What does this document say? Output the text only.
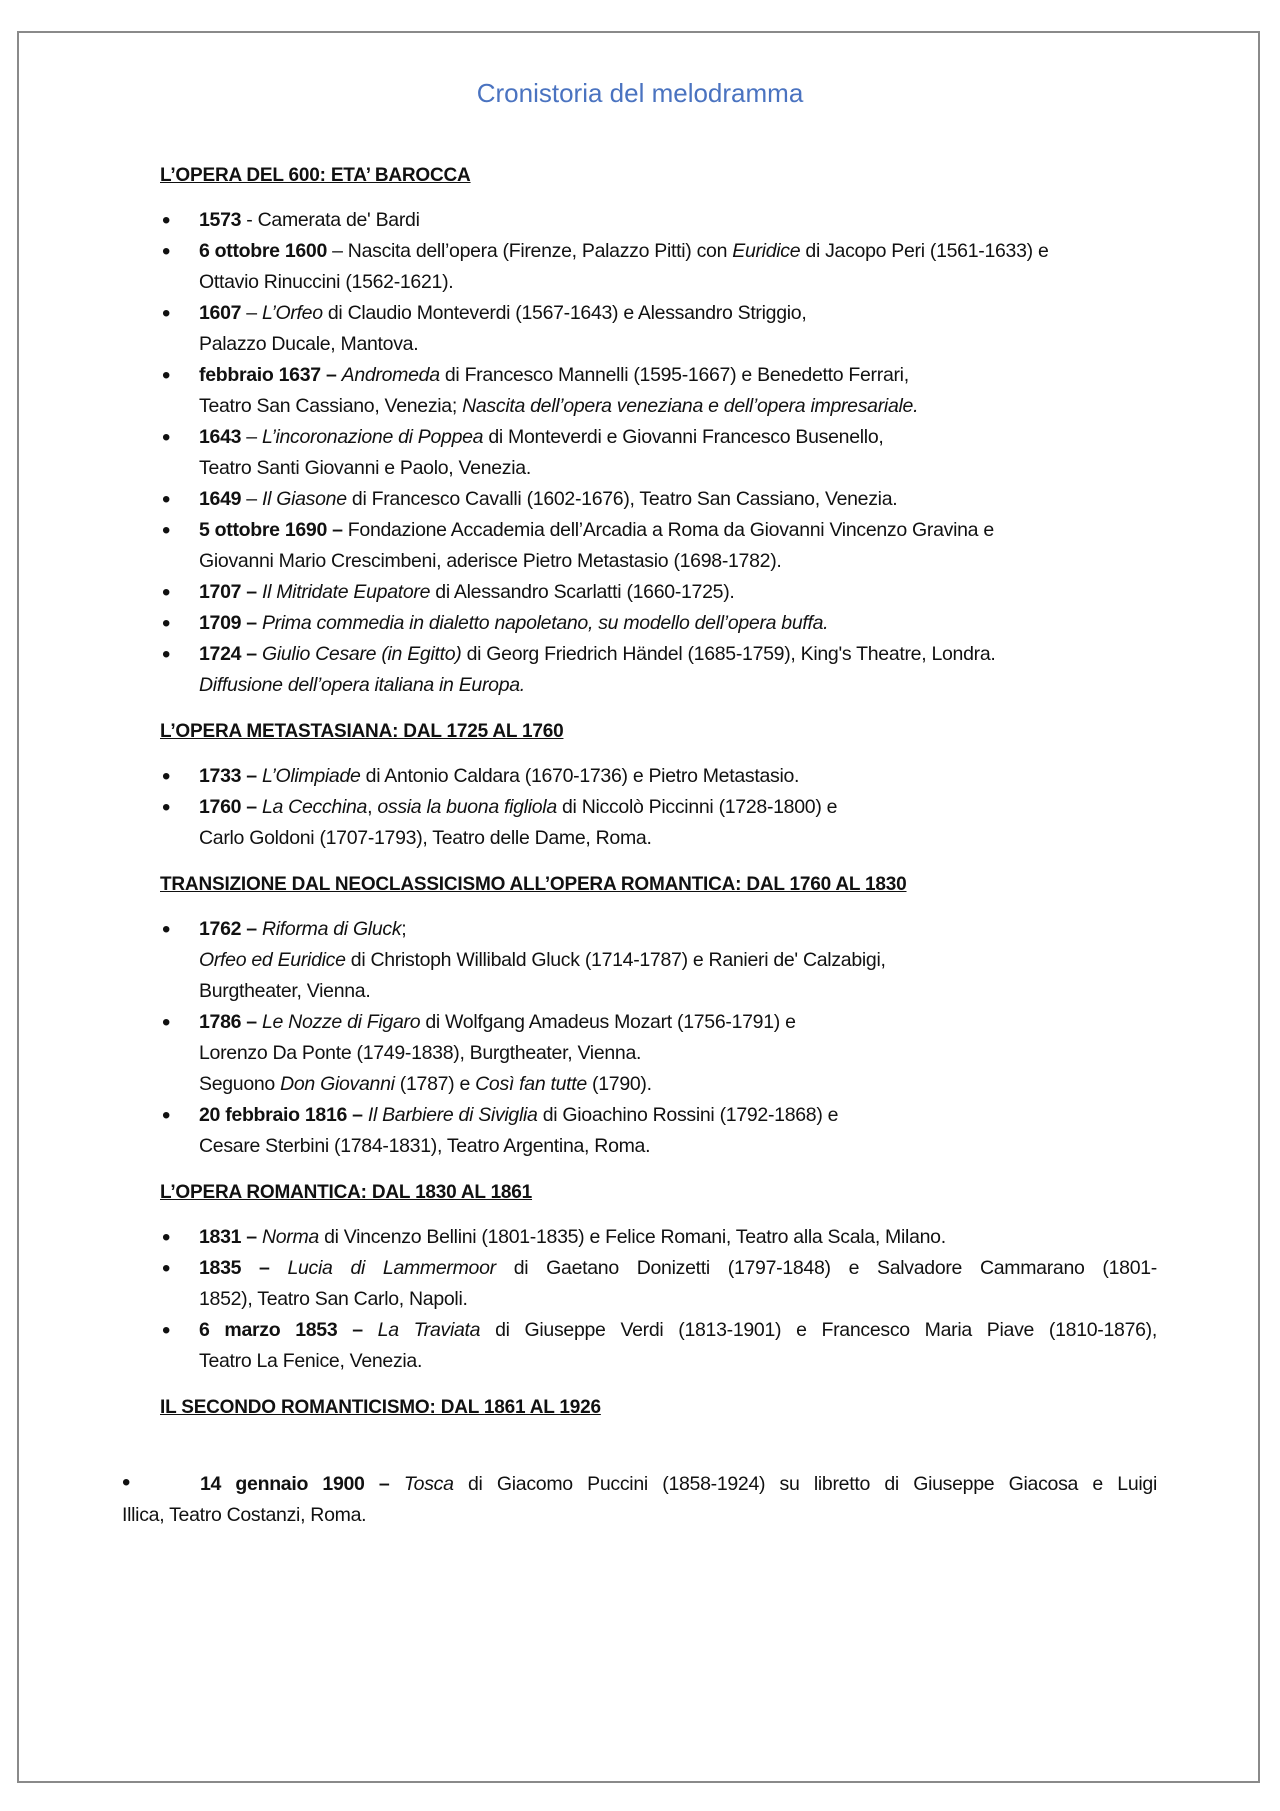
Cronistoria del melodramma
L’OPERA DEL 600: ETA’ BAROCCA
• 1573 - Camerata de' Bardi
• 6 ottobre 1600 – Nascita dell’opera (Firenze, Palazzo Pitti) con Euridice di Jacopo Peri (1561-1633) e
Ottavio Rinuccini (1562-1621).
• 1607 – L’Orfeo di Claudio Monteverdi (1567-1643) e Alessandro Striggio,
Palazzo Ducale, Mantova.
• febbraio 1637 – Andromeda di Francesco Mannelli (1595-1667) e Benedetto Ferrari,
Teatro San Cassiano, Venezia; Nascita dell’opera veneziana e dell’opera impresariale.
• 1643 – L’incoronazione di Poppea di Monteverdi e Giovanni Francesco Busenello,
Teatro Santi Giovanni e Paolo, Venezia.
• 1649 – Il Giasone di Francesco Cavalli (1602-1676), Teatro San Cassiano, Venezia.
• 5 ottobre 1690 – Fondazione Accademia dell’Arcadia a Roma da Giovanni Vincenzo Gravina e
Giovanni Mario Crescimbeni, aderisce Pietro Metastasio (1698-1782).
• 1707 – Il Mitridate Eupatore di Alessandro Scarlatti (1660-1725).
• 1709 – Prima commedia in dialetto napoletano, su modello dell’opera buffa.
• 1724 – Giulio Cesare (in Egitto) di Georg Friedrich Händel (1685-1759), King's Theatre, Londra.
Diffusione dell’opera italiana in Europa.
L’OPERA METASTASIANA: DAL 1725 AL 1760
• 1733 – L’Olimpiade di Antonio Caldara (1670-1736) e Pietro Metastasio.
• 1760 – La Cecchina, ossia la buona figliola di Niccolò Piccinni (1728-1800) e
Carlo Goldoni (1707-1793), Teatro delle Dame, Roma.
TRANSIZIONE DAL NEOCLASSICISMO ALL’OPERA ROMANTICA: DAL 1760 AL 1830
• 1762 – Riforma di Gluck;
Orfeo ed Euridice di Christoph Willibald Gluck (1714-1787) e Ranieri de' Calzabigi,
Burgtheater, Vienna.
• 1786 – Le Nozze di Figaro di Wolfgang Amadeus Mozart (1756-1791) e
Lorenzo Da Ponte (1749-1838), Burgtheater, Vienna.
Seguono Don Giovanni (1787) e Così fan tutte (1790).
• 20 febbraio 1816 – Il Barbiere di Siviglia di Gioachino Rossini (1792-1868) e
Cesare Sterbini (1784-1831), Teatro Argentina, Roma.
L’OPERA ROMANTICA: DAL 1830 AL 1861
• 1831 – Norma di Vincenzo Bellini (1801-1835) e Felice Romani, Teatro alla Scala, Milano.
• 1835 – Lucia di Lammermoor di Gaetano Donizetti (1797-1848) e Salvadore Cammarano (1801-
1852), Teatro San Carlo, Napoli.
• 6 marzo 1853 – La Traviata di Giuseppe Verdi (1813-1901) e Francesco Maria Piave (1810-1876),
Teatro La Fenice, Venezia.
IL SECONDO ROMANTICISMO: DAL 1861 AL 1926
•	14 gennaio 1900 – Tosca di Giacomo Puccini (1858-1924) su libretto di Giuseppe Giacosa e Luigi
Illica, Teatro Costanzi, Roma.
